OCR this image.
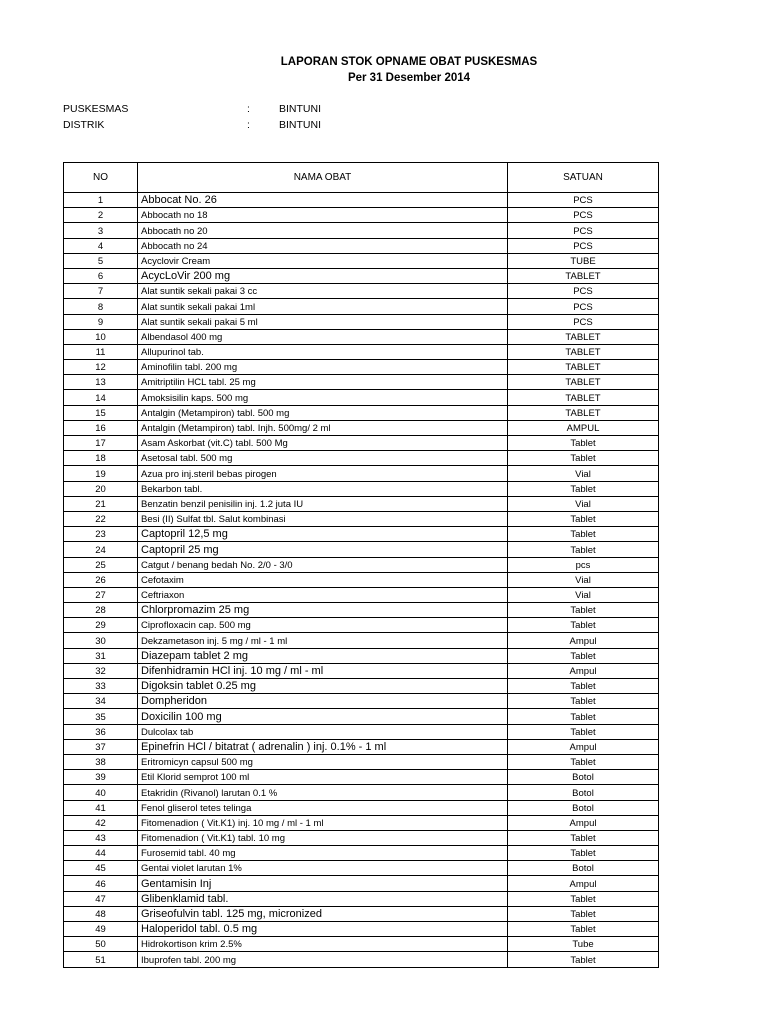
LAPORAN STOK OPNAME OBAT PUSKESMAS
Per 31 Desember 2014
PUSKESMAS	:	BINTUNI
DISTRIK	:	BINTUNI
NO	NAMA OBAT	SATUAN
1	Abbocat No. 26	PCS
2	Abbocath no 18	PCS
3	Abbocath no 20	PCS
4	Abbocath no 24	PCS
5	Acyclovir Cream	TUBE
6	AcycLoVir 200 mg	TABLET
7	Alat suntik sekali pakai 3 cc	PCS
8	Alat suntik sekali pakai 1ml	PCS
9	Alat suntik sekali pakai 5 ml	PCS
10	Albendasol 400 mg	TABLET
11	Allupurinol tab.	TABLET
12	Aminofilin tabl. 200 mg	TABLET
13	Amitriptilin HCL tabl. 25 mg	TABLET
14	Amoksisilin kaps. 500 mg	TABLET
15	Antalgin (Metampiron) tabl. 500 mg	TABLET
16	Antalgin (Metampiron) tabl. Injh. 500mg/ 2 ml	AMPUL
17	Asam Askorbat (vit.C) tabl. 500 Mg	Tablet
18	Asetosal tabl. 500 mg	Tablet
19	Azua pro inj.steril bebas pirogen	Vial
20	Bekarbon tabl.	Tablet
21	Benzatin benzil penisilin inj. 1.2 juta IU	Vial
22	Besi (II) Sulfat tbl. Salut kombinasi	Tablet
23	Captopril 12,5 mg	Tablet
24	Captopril 25 mg	Tablet
25	Catgut / benang bedah No. 2/0 - 3/0	pcs
26	Cefotaxim	Vial
27	Ceftriaxon	Vial
28	Chlorpromazim 25 mg	Tablet
29	Ciprofloxacin cap. 500 mg	Tablet
30	Dekzametason inj. 5 mg / ml - 1 ml	Ampul
31	Diazepam tablet 2 mg	Tablet
32	Difenhidramin HCl inj. 10 mg / ml - ml	Ampul
33	Digoksin tablet 0.25 mg	Tablet
34	Dompheridon	Tablet
35	Doxicilin 100 mg	Tablet
36	Dulcolax tab	Tablet
37	Epinefrin HCl / bitatrat ( adrenalin ) inj. 0.1% - 1 ml	Ampul
38	Eritromicyn capsul 500 mg	Tablet
39	Etil Klorid semprot 100 ml	Botol
40	Etakridin (Rivanol) larutan 0.1 %	Botol
41	Fenol gliserol tetes telinga	Botol
42	Fitomenadion ( Vit.K1) inj. 10 mg / ml - 1 ml	Ampul
43	Fitomenadion ( Vit.K1) tabl. 10 mg	Tablet
44	Furosemid tabl. 40 mg	Tablet
45	Gentai violet larutan 1%	Botol
46	Gentamisin Inj	Ampul
47	Glibenklamid tabl.	Tablet
48	Griseofulvin tabl. 125 mg, micronized	Tablet
49	Haloperidol tabl. 0.5 mg	Tablet
50	Hidrokortison krim 2.5%	Tube
51	Ibuprofen tabl. 200 mg	Tablet
